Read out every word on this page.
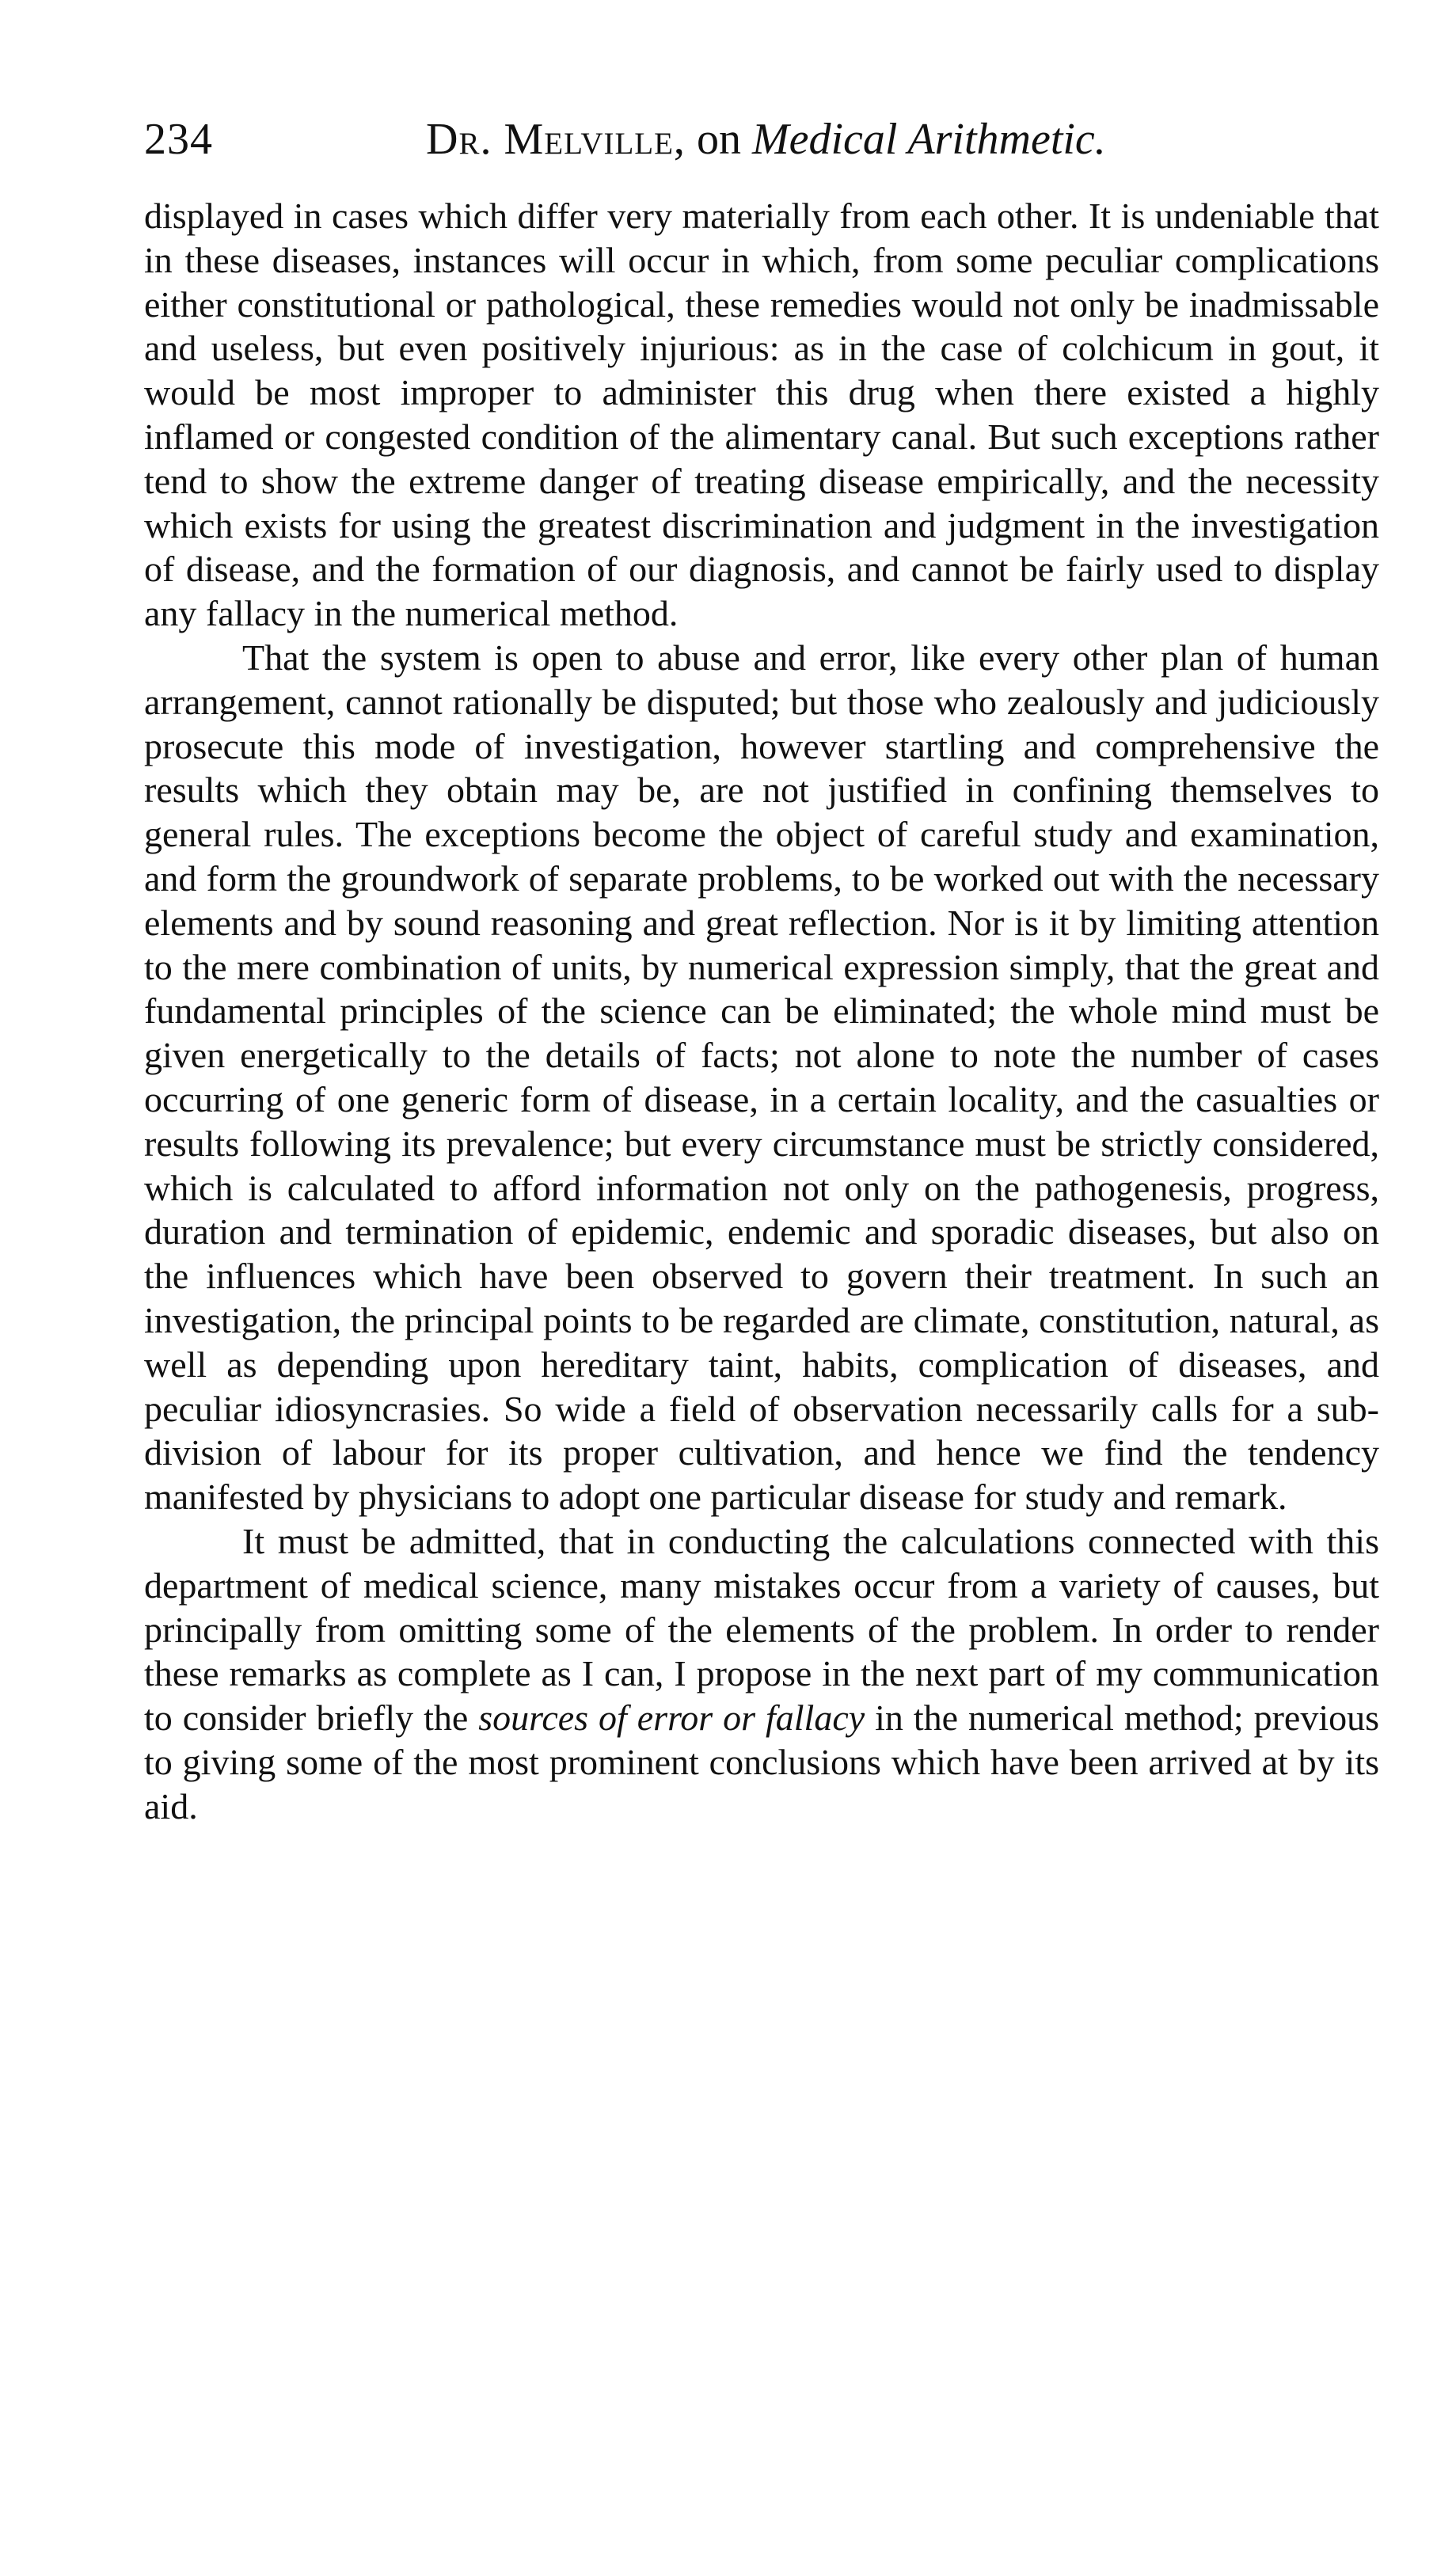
234	Dr. Melville, on Medical Arithmetic.

displayed in cases which differ very materially from each other. It is undeniable that in these diseases, instances will occur in which, from some peculiar complications either constitutional or pathological, these remedies would not only be inadmissable and useless, but even positively injurious: as in the case of colchicum in gout, it would be most improper to administer this drug when there existed a highly inflamed or congested condition of the alimentary canal. But such exceptions rather tend to show the extreme danger of treating disease empirically, and the necessity which exists for using the greatest discrimination and judgment in the investigation of disease, and the formation of our diagnosis, and cannot be fairly used to display any fallacy in the numerical method.

That the system is open to abuse and error, like every other plan of human arrangement, cannot rationally be disputed; but those who zealously and judiciously prosecute this mode of investigation, however startling and comprehensive the results which they obtain may be, are not justified in confining themselves to general rules. The exceptions become the object of careful study and examination, and form the groundwork of separate problems, to be worked out with the necessary elements and by sound reasoning and great reflection. Nor is it by limiting attention to the mere combination of units, by numerical expression simply, that the great and fundamental principles of the science can be eliminated; the whole mind must be given energetically to the details of facts; not alone to note the number of cases occurring of one generic form of disease, in a certain locality, and the casualties or results following its prevalence; but every circumstance must be strictly considered, which is calculated to afford information not only on the pathogenesis, progress, duration and termination of epidemic, endemic and sporadic diseases, but also on the influences which have been observed to govern their treatment. In such an investigation, the principal points to be regarded are climate, constitution, natural, as well as depending upon hereditary taint, habits, complication of diseases, and peculiar idiosyncrasies. So wide a field of observation necessarily calls for a sub-division of labour for its proper cultivation, and hence we find the tendency manifested by physicians to adopt one particular disease for study and remark.

It must be admitted, that in conducting the calculations connected with this department of medical science, many mistakes occur from a variety of causes, but principally from omitting some of the elements of the problem. In order to render these remarks as complete as I can, I propose in the next part of my communication to consider briefly the sources of error or fallacy in the numerical method; previous to giving some of the most prominent conclusions which have been arrived at by its aid.
